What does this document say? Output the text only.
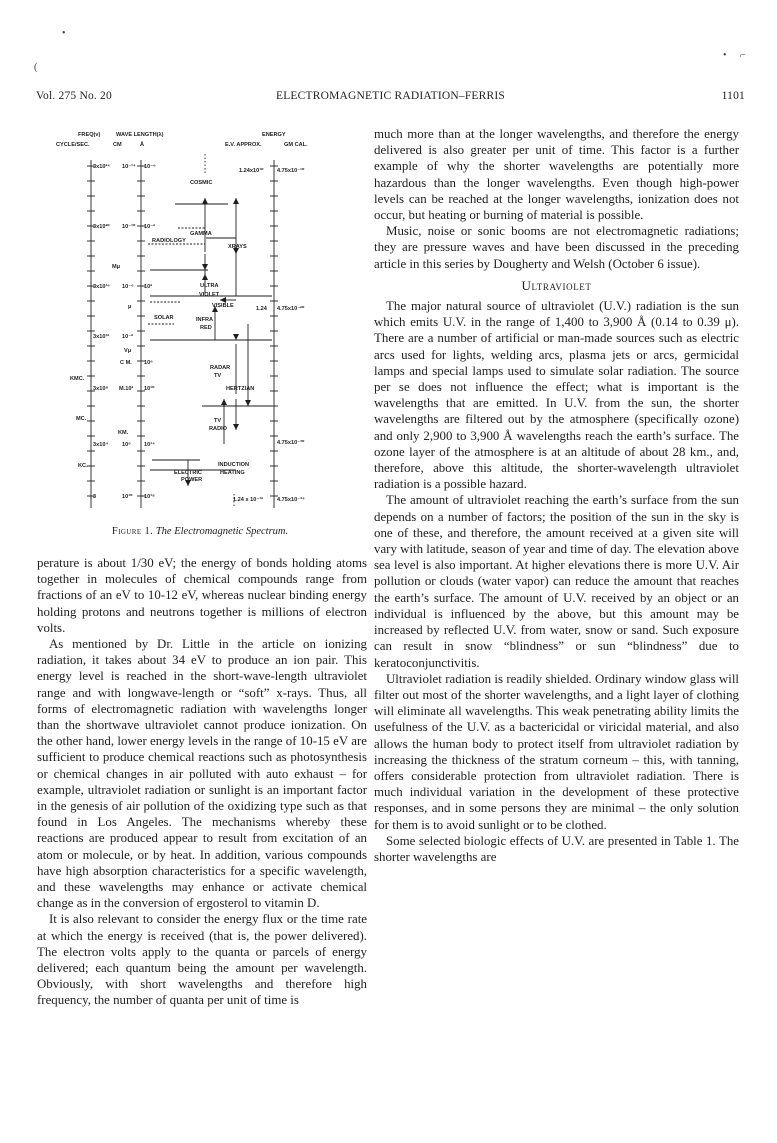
•
(
• ⌐
Vol. 275 No. 20	ELECTROMAGNETIC RADIATION–FERRIS	1101
FREQ(ν)
CYCLE/SEC.
WAVE LENGTH(λ)
CM	Å
ENERGY
E.V. APPROX.	GM CAL.
3x10²⁴
3x10²⁰
3x10¹⁶
3x10¹²
3x10⁸
3x10⁴
3
10⁻¹⁴
10⁻¹⁰
10⁻⁶
10⁻²
M.10²
10⁶
10¹⁰
10⁻⁶
10⁻²
10²
10⁶
10¹⁰
10¹⁴
10¹⁸
Mμ
μ
Vμ
C M.
KMC.
KM.
MC.
KC.
1.24x10¹⁰ 4.75x10⁻¹⁰
1.24 4.75x10⁻²⁰
4.75x10⁻³⁰
1.24 x 10⁻¹² 4.75x10⁻³⁴
COSMIC
GAMMA
RADIOLOGY
XRAYS
ULTRA
VIOLET
VISIBLE
SOLAR	INFRA
RED
RADAR
TV
HERTZIAN
TV
RADIO
INDUCTION
HEATING
ELECTRIC
POWER
Figure 1. The Electromagnetic Spectrum.

perature is about 1/30 eV; the energy of bonds holding atoms together in molecules of chemical compounds range from fractions of an eV to 10-12 eV, whereas nuclear binding energy holding protons and neutrons together is millions of electron volts.

As mentioned by Dr. Little in the article on ionizing radiation, it takes about 34 eV to produce an ion pair. This energy level is reached in the short-wave-length ultraviolet range and with longwave-length or “soft” x-rays. Thus, all forms of electromagnetic radiation with wavelengths longer than the shortwave ultraviolet cannot produce ionization. On the other hand, lower energy levels in the range of 10-15 eV are sufficient to produce chemical reactions such as photosynthesis or chemical changes in air polluted with auto exhaust – for example, ultraviolet radiation or sunlight is an important factor in the genesis of air pollution of the oxidizing type such as that found in Los Angeles. The mechanisms whereby these reactions are produced appear to result from excitation of an atom or molecule, or by heat. In addition, various compounds have high absorption characteristics for a specific wavelength, and these wavelengths may enhance or activate chemical change as in the conversion of ergosterol to vitamin D.

It is also relevant to consider the energy flux or the time rate at which the energy is received (that is, the power delivered). The electron volts apply to the quanta or parcels of energy delivered; each quantum being the amount per wavelength. Obviously, with short wavelengths and therefore high frequency, the number of quanta per unit of time is

much more than at the longer wavelengths, and therefore the energy delivered is also greater per unit of time. This factor is a further example of why the shorter wavelengths are potentially more hazardous than the longer wavelengths. Even though high-power levels can be reached at the longer wavelengths, ionization does not occur, but heating or burning of material is possible.

Music, noise or sonic booms are not electromagnetic radiations; they are pressure waves and have been discussed in the preceding article in this series by Dougherty and Welsh (October 6 issue).

Ultraviolet

The major natural source of ultraviolet (U.V.) radiation is the sun which emits U.V. in the range of 1,400 to 3,900 Å (0.14 to 0.39 μ). There are a number of artificial or man-made sources such as electric arcs used for lights, welding arcs, plasma jets or arcs, germicidal lamps and special lamps used to simulate solar radiation. The source per se does not influence the effect; what is important is the wavelengths that are emitted. In U.V. from the sun, the shorter wavelengths are filtered out by the atmosphere (specifically ozone) and only 2,900 to 3,900 Å wavelengths reach the earth’s surface. The ozone layer of the atmosphere is at an altitude of about 28 km., and, therefore, above this altitude, the shorter-wavelength ultraviolet radiation is a possible hazard.

The amount of ultraviolet reaching the earth’s surface from the sun depends on a number of factors; the position of the sun in the sky is one of these, and therefore, the amount received at a given site will vary with latitude, season of year and time of day. The elevation above sea level is also important. At higher elevations there is more U.V. Air pollution or clouds (water vapor) can reduce the amount that reaches the earth’s surface. The amount of U.V. received by an object or an individual is influenced by the above, but this amount may be increased by reflected U.V. from water, snow or sand. Such exposure can result in snow “blindness” or sun “blindness” due to keratoconjunctivitis.

Ultraviolet radiation is readily shielded. Ordinary window glass will filter out most of the shorter wavelengths, and a light layer of clothing will eliminate all wavelengths. This weak penetrating ability limits the usefulness of the U.V. as a bactericidal or viricidal material, and also allows the human body to protect itself from ultraviolet radiation by increasing the thickness of the stratum corneum – this, with tanning, offers considerable protection from ultraviolet radiation. There is much individual variation in the development of these protective responses, and in some persons they are minimal – the only solution for them is to avoid sunlight or to be clothed.

Some selected biologic effects of U.V. are presented in Table 1. The shorter wavelengths are
